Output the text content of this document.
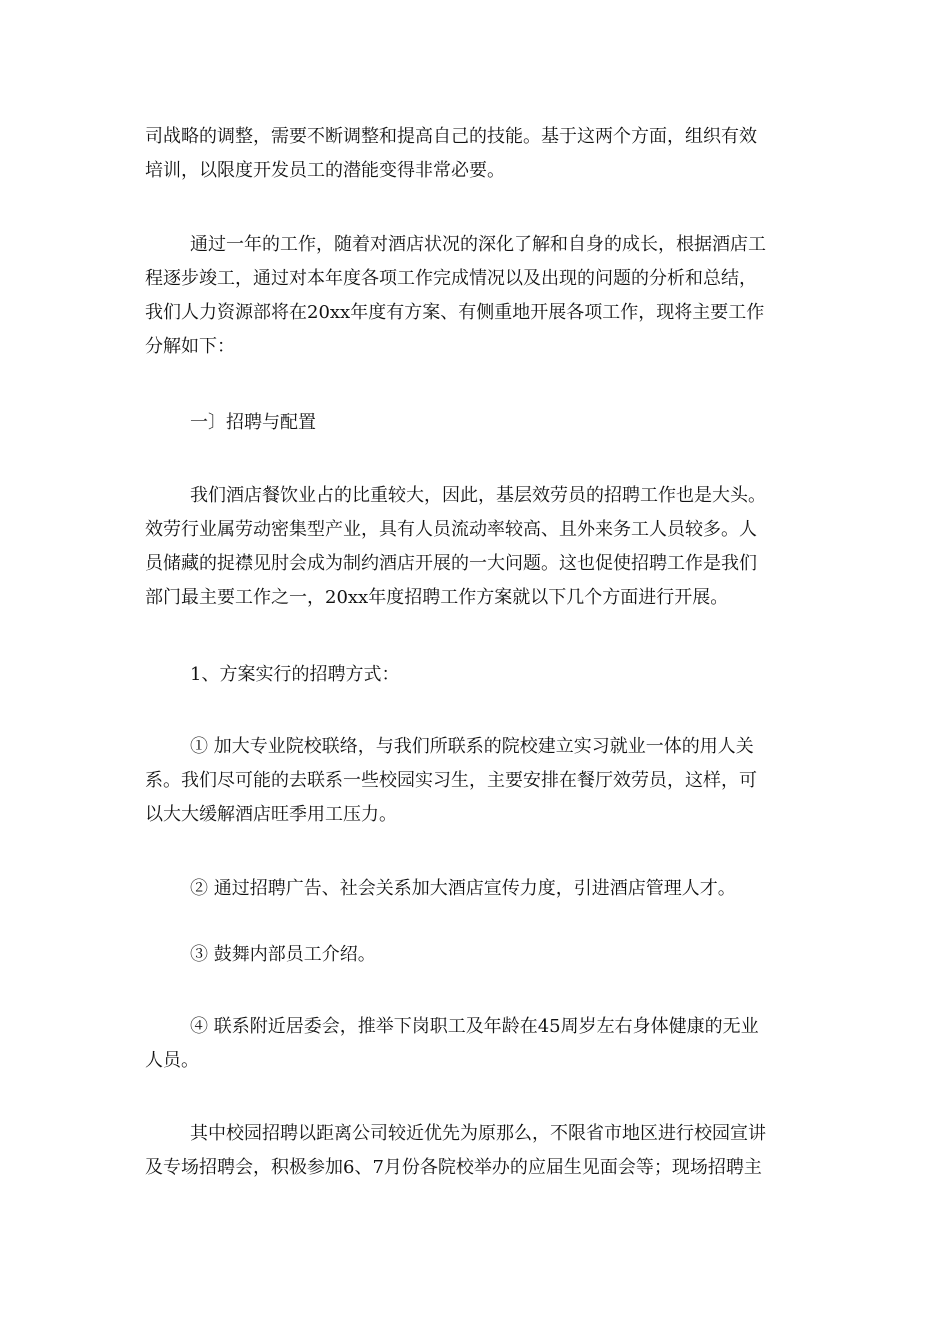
司战略的调整，需要不断调整和提高自己的技能。基于这两个方面，组织有效
培训，以限度开发员工的潜能变得非常必要。
通过一年的工作，随着对酒店状况的深化了解和自身的成长，根据酒店工
程逐步竣工，通过对本年度各项工作完成情况以及出现的问题的分析和总结，
我们人力资源部将在20xx年度有方案、有侧重地开展各项工作，现将主要工作
分解如下：
一〕招聘与配置
我们酒店餐饮业占的比重较大，因此，基层效劳员的招聘工作也是大头。
效劳行业属劳动密集型产业，具有人员流动率较高、且外来务工人员较多。人
员储藏的捉襟见肘会成为制约酒店开展的一大问题。这也促使招聘工作是我们
部门最主要工作之一，20xx年度招聘工作方案就以下几个方面进行开展。
1、方案实行的招聘方式：
① 加大专业院校联络，与我们所联系的院校建立实习就业一体的用人关
系。我们尽可能的去联系一些校园实习生，主要安排在餐厅效劳员，这样，可
以大大缓解酒店旺季用工压力。
② 通过招聘广告、社会关系加大酒店宣传力度，引进酒店管理人才。
③ 鼓舞内部员工介绍。
④ 联系附近居委会，推举下岗职工及年龄在45周岁左右身体健康的无业
人员。
其中校园招聘以距离公司较近优先为原那么，不限省市地区进行校园宣讲
及专场招聘会，积极参加6、7月份各院校举办的应届生见面会等；现场招聘主
